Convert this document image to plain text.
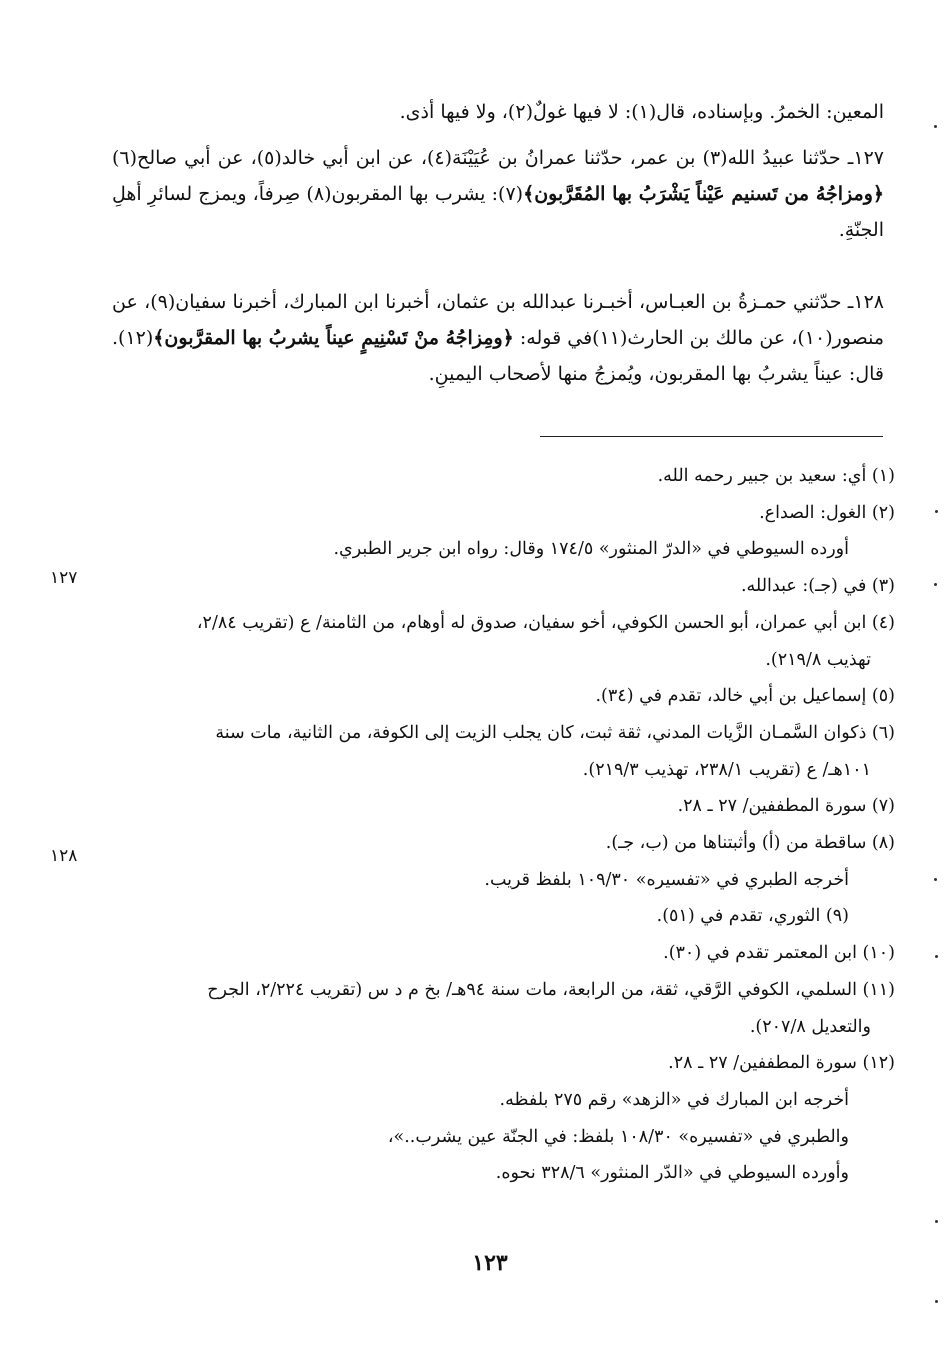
المعين: الخمرُ. وبإسناده، قال(١): لا فيها غولٌ(٢)، ولا فيها أذى.

١٢٧ـ حدّثنا عبيدُ الله(٣) بن عمر، حدّثنا عمرانُ بن عُيَيْنَة(٤)، عن ابن أبي خالد(٥)، عن أبي صالح(٦) ﴿ومزاجُهُ من تَسنيم عَيْناً يَشْرَبُ بها المُقَرَّبون﴾(٧): يشرب بها المقربون(٨) صِرفاً، ويمزج لسائرِ أهلِ الجنّةِ.

١٢٨ـ حدّثني حمـزةُ بن العبـاس، أخبـرنا عبدالله بن عثمان، أخبرنا ابن المبارك، أخبرنا سفيان(٩)، عن منصور(١٠)، عن مالك بن الحارث(١١)في قوله: ﴿ومِزاجُهُ منْ تَسْنِيمٍ عيناً يشربُ بها المقرَّبون﴾(١٢). قال: عيناً يشربُ بها المقربون، ويُمزجُ منها لأصحاب اليمينِ.

(١) أي: سعيد بن جبير رحمه الله.
(٢) الغول: الصداع.
أورده السيوطي في «الدرّ المنثور» ١٧٤/٥ وقال: رواه ابن جرير الطبري.
(٣) في (جـ): عبدالله.
(٤) ابن أبي عمران، أبو الحسن الكوفي، أخو سفيان، صدوق له أوهام، من الثامنة/ ع (تقريب ٢/٨٤،
تهذيب ٢١٩/٨).
(٥) إسماعيل بن أبي خالد، تقدم في (٣٤).
(٦) ذكوان السَّمـان الزَّيات المدني، ثقة ثبت، كان يجلب الزيت إلى الكوفة، من الثانية، مات سنة
١٠١هـ/ ع (تقريب ٢٣٨/١، تهذيب ٢١٩/٣).
(٧) سورة المطففين/ ٢٧ ـ ٢٨.
(٨) ساقطة من (أ) وأثبتناها من (ب، جـ).
أخرجه الطبري في «تفسيره» ١٠٩/٣٠ بلفظ قريب.
(٩) الثوري، تقدم في (٥١).
(١٠) ابن المعتمر تقدم في (٣٠).
(١١) السلمي، الكوفي الرَّقي، ثقة، من الرابعة، مات سنة ٩٤هـ/ بخ م د س (تقريب ٢/٢٢٤، الجرح
والتعديل ٢٠٧/٨).
(١٢) سورة المطففين/ ٢٧ ـ ٢٨.
أخرجه ابن المبارك في «الزهد» رقم ٢٧٥ بلفظه.
والطبري في «تفسيره» ١٠٨/٣٠ بلفظ: في الجنّة عين يشرب..»،
وأورده السيوطي في «الدّر المنثور» ٣٢٨/٦ نحوه.
١٢٧
١٢٨
١٢٣
